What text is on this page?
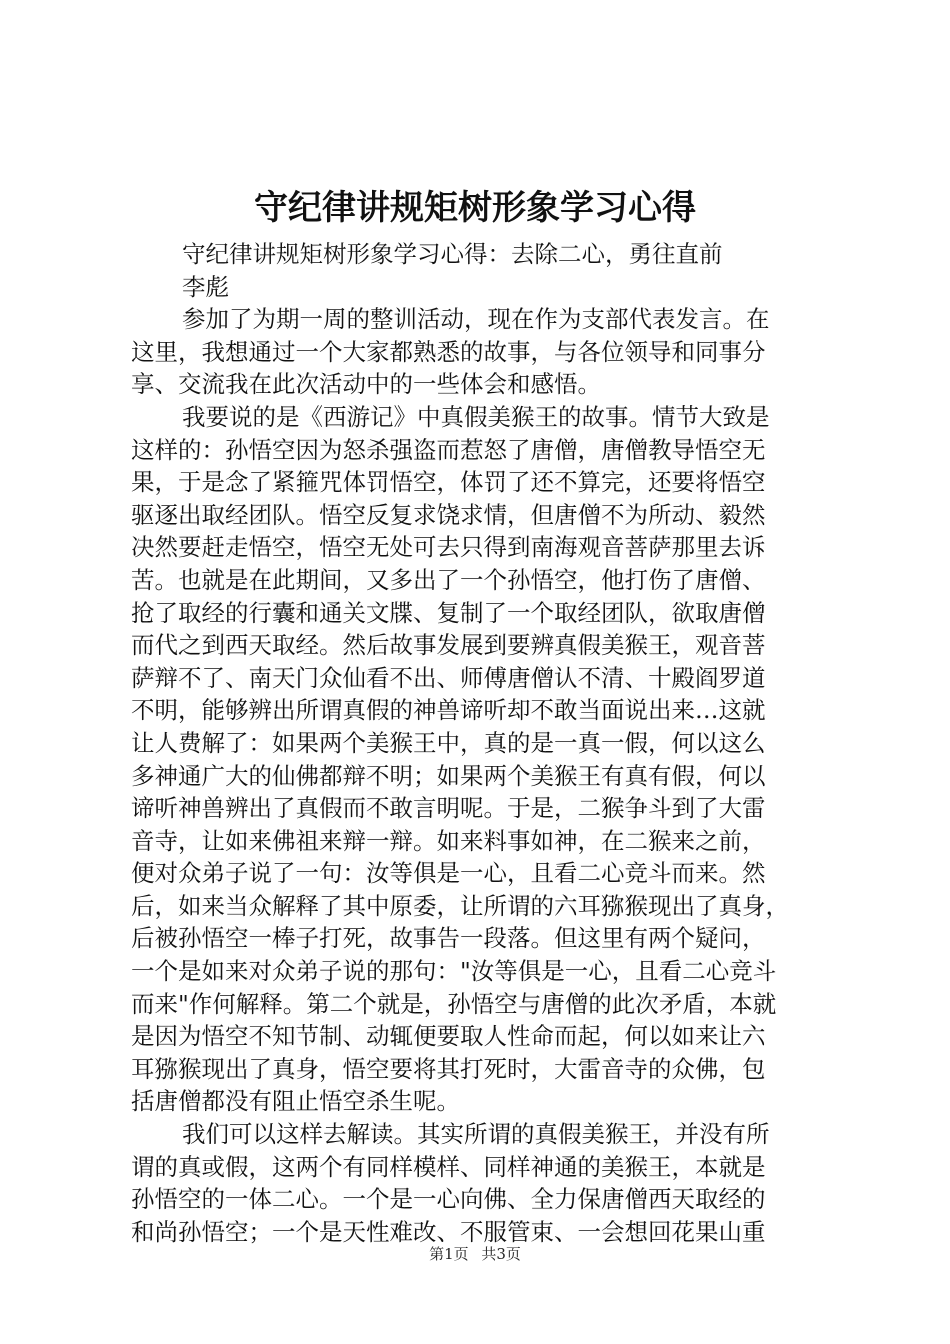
守纪律讲规矩树形象学习心得
守纪律讲规矩树形象学习心得：去除二心，勇往直前
李彪
参加了为期一周的整训活动，现在作为支部代表发言。在
这里，我想通过一个大家都熟悉的故事，与各位领导和同事分
享、交流我在此次活动中的一些体会和感悟。
我要说的是《西游记》中真假美猴王的故事。情节大致是
这样的：孙悟空因为怒杀强盗而惹怒了唐僧，唐僧教导悟空无
果，于是念了紧箍咒体罚悟空，体罚了还不算完，还要将悟空
驱逐出取经团队。悟空反复求饶求情，但唐僧不为所动、毅然
决然要赶走悟空，悟空无处可去只得到南海观音菩萨那里去诉
苦。也就是在此期间，又多出了一个孙悟空，他打伤了唐僧、
抢了取经的行囊和通关文牒、复制了一个取经团队，欲取唐僧
而代之到西天取经。然后故事发展到要辨真假美猴王，观音菩
萨辩不了、南天门众仙看不出、师傅唐僧认不清、十殿阎罗道
不明，能够辨出所谓真假的神兽谛听却不敢当面说出来…这就
让人费解了：如果两个美猴王中，真的是一真一假，何以这么
多神通广大的仙佛都辩不明；如果两个美猴王有真有假，何以
谛听神兽辨出了真假而不敢言明呢。于是，二猴争斗到了大雷
音寺，让如来佛祖来辩一辩。如来料事如神，在二猴来之前，
便对众弟子说了一句：汝等俱是一心，且看二心竞斗而来。然
后，如来当众解释了其中原委，让所谓的六耳猕猴现出了真身，
后被孙悟空一棒子打死，故事告一段落。但这里有两个疑问，
一个是如来对众弟子说的那句："汝等俱是一心，且看二心竞斗
而来"作何解释。第二个就是，孙悟空与唐僧的此次矛盾，本就
是因为悟空不知节制、动辄便要取人性命而起，何以如来让六
耳猕猴现出了真身，悟空要将其打死时，大雷音寺的众佛，包
括唐僧都没有阻止悟空杀生呢。
我们可以这样去解读。其实所谓的真假美猴王，并没有所
谓的真或假，这两个有同样模样、同样神通的美猴王，本就是
孙悟空的一体二心。一个是一心向佛、全力保唐僧西天取经的
和尚孙悟空；一个是天性难改、不服管束、一会想回花果山重
第1页 共3页
